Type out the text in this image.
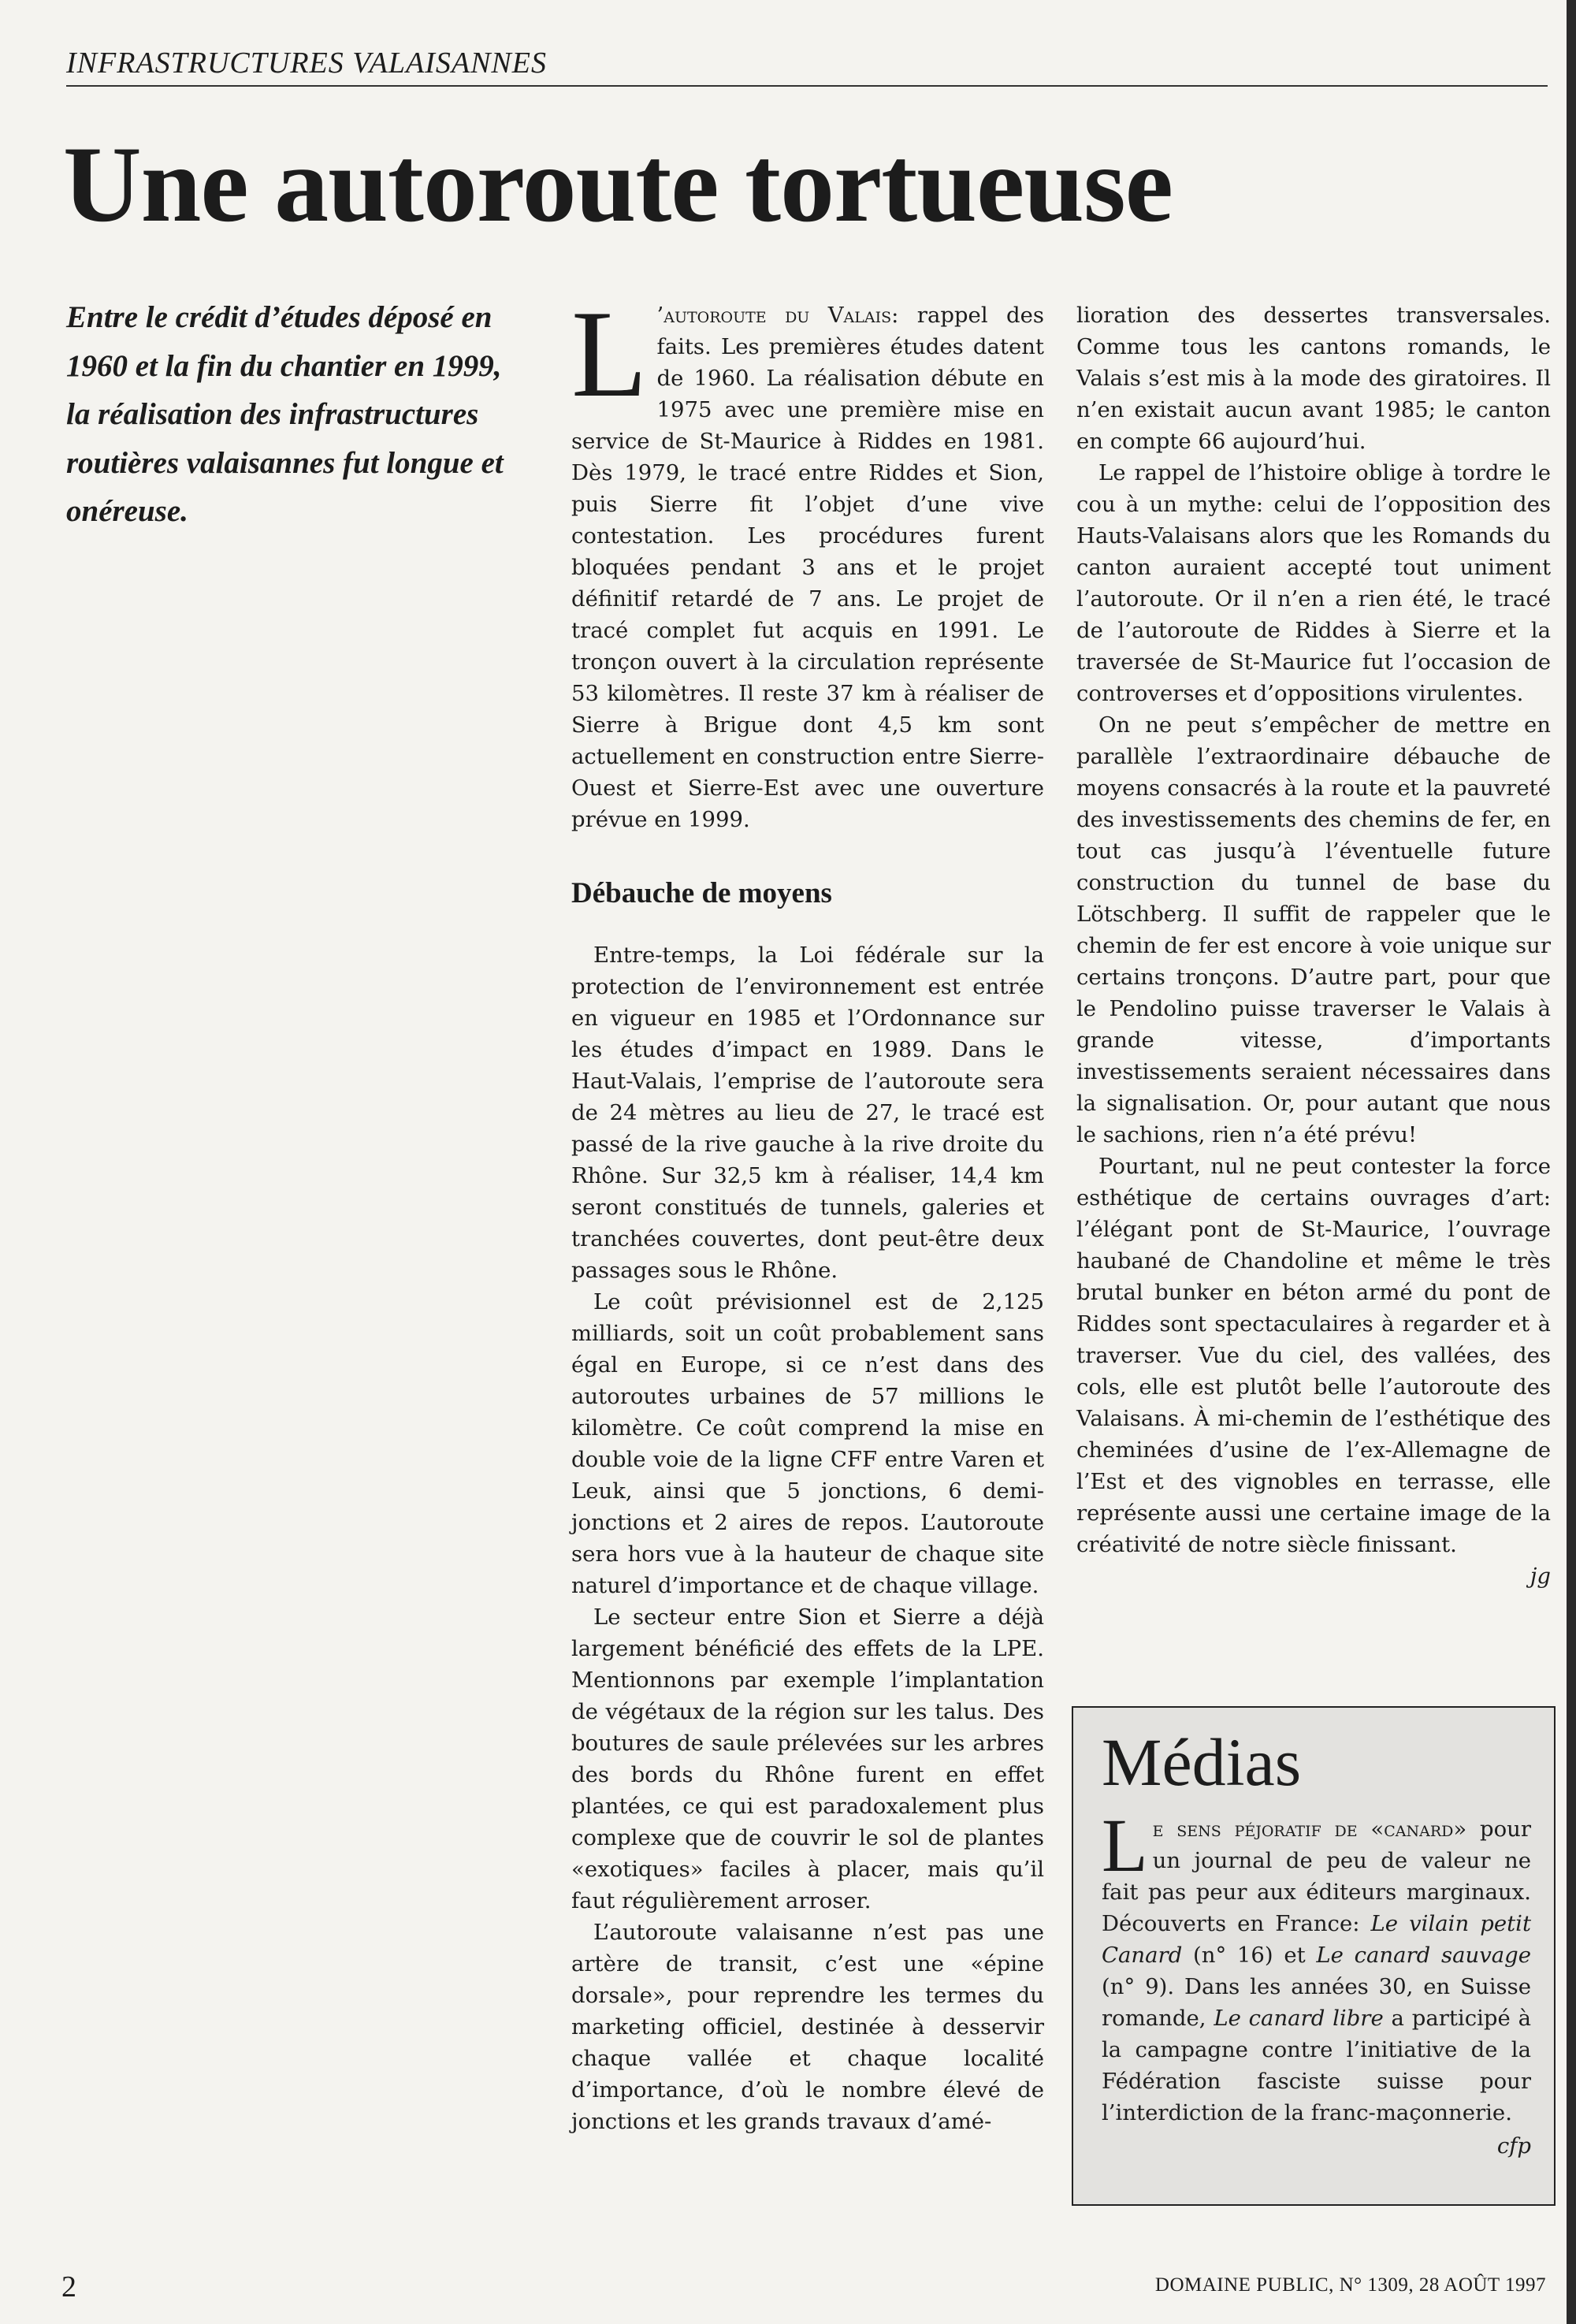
INFRASTRUCTURES VALAISANNES
Une autoroute tortueuse

Entre le crédit d’études déposé en 1960 et la fin du chantier en 1999, la réalisation des infrastructures routières valaisannes fut longue et onéreuse.

L ’autoroute du Valais: rappel des faits. Les premières études datent de 1960. La réalisation débute en 1975 avec une première mise en service de St-Maurice à Riddes en 1981. Dès 1979, le tracé entre Riddes et Sion, puis Sierre fit l’objet d’une vive contestation. Les procédures furent bloquées pendant 3 ans et le projet définitif retardé de 7 ans. Le projet de tracé complet fut acquis en 1991. Le tronçon ouvert à la circulation représente 53 kilomètres. Il reste 37 km à réaliser de Sierre à Brigue dont 4,5 km sont actuellement en construction entre Sierre-Ouest et Sierre-Est avec une ouverture prévue en 1999.

Débauche de moyens

Entre-temps, la Loi fédérale sur la protection de l’environnement est entrée en vigueur en 1985 et l’Ordonnance sur les études d’impact en 1989. Dans le Haut-Valais, l’emprise de l’autoroute sera de 24 mètres au lieu de 27, le tracé est passé de la rive gauche à la rive droite du Rhône. Sur 32,5 km à réaliser, 14,4 km seront constitués de tunnels, galeries et tranchées couvertes, dont peut-être deux passages sous le Rhône.

Le coût prévisionnel est de 2,125 milliards, soit un coût probablement sans égal en Europe, si ce n’est dans des autoroutes urbaines de 57 millions le kilomètre. Ce coût comprend la mise en double voie de la ligne CFF entre Varen et Leuk, ainsi que 5 jonctions, 6 demi-jonctions et 2 aires de repos. L’autoroute sera hors vue à la hauteur de chaque site naturel d’importance et de chaque village.

Le secteur entre Sion et Sierre a déjà largement bénéficié des effets de la LPE. Mentionnons par exemple l’implantation de végétaux de la région sur les talus. Des boutures de saule prélevées sur les arbres des bords du Rhône furent en effet plantées, ce qui est paradoxalement plus complexe que de couvrir le sol de plantes «exotiques» faciles à placer, mais qu’il faut régulièrement arroser.

L’autoroute valaisanne n’est pas une artère de transit, c’est une «épine dorsale», pour reprendre les termes du marketing officiel, destinée à desservir chaque vallée et chaque localité d’importance, d’où le nombre élevé de jonctions et les grands travaux d’amé-

lioration des dessertes transversales. Comme tous les cantons romands, le Valais s’est mis à la mode des giratoires. Il n’en existait aucun avant 1985; le canton en compte 66 aujourd’hui.

Le rappel de l’histoire oblige à tordre le cou à un mythe: celui de l’opposition des Hauts-Valaisans alors que les Romands du canton auraient accepté tout uniment l’autoroute. Or il n’en a rien été, le tracé de l’autoroute de Riddes à Sierre et la traversée de St-Maurice fut l’occasion de controverses et d’oppositions virulentes.

On ne peut s’empêcher de mettre en parallèle l’extraordinaire débauche de moyens consacrés à la route et la pauvreté des investissements des chemins de fer, en tout cas jusqu’à l’éventuelle future construction du tunnel de base du Lötschberg. Il suffit de rappeler que le chemin de fer est encore à voie unique sur certains tronçons. D’autre part, pour que le Pendolino puisse traverser le Valais à grande vitesse, d’importants investissements seraient nécessaires dans la signalisation. Or, pour autant que nous le sachions, rien n’a été prévu!

Pourtant, nul ne peut contester la force esthétique de certains ouvrages d’art: l’élégant pont de St-Maurice, l’ouvrage haubané de Chandoline et même le très brutal bunker en béton armé du pont de Riddes sont spectaculaires à regarder et à traverser. Vue du ciel, des vallées, des cols, elle est plutôt belle l’autoroute des Valaisans. À mi-chemin de l’esthétique des cheminées d’usine de l’ex-Allemagne de l’Est et des vignobles en terrasse, elle représente aussi une certaine image de la créativité de notre siècle finissant.

jg

Médias

Le sens péjoratif de «canard» pour un journal de peu de valeur ne fait pas peur aux éditeurs marginaux. Découverts en France: Le vilain petit Canard (n° 16) et Le canard sauvage (n° 9). Dans les années 30, en Suisse romande, Le canard libre a participé à la campagne contre l’initiative de la Fédération fasciste suisse pour l’interdiction de la franc-maçonnerie.

cfp
2	DOMAINE PUBLIC, N° 1309, 28 AOÛT 1997
